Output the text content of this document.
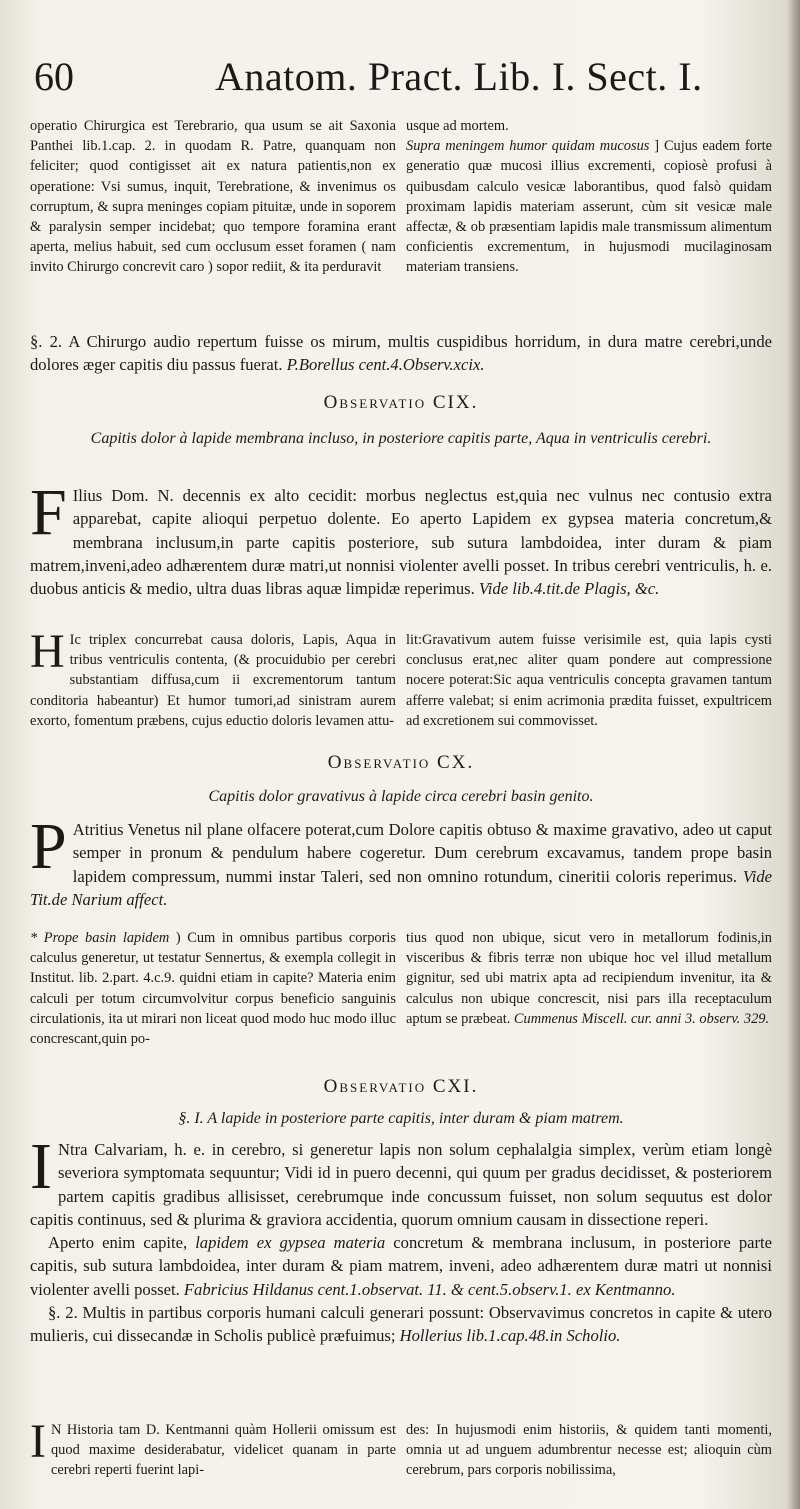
60	Anatom. Pract. Lib. I. Sect. I.

operatio Chirurgica est Terebrario, qua usum se ait Saxonia Panthei lib.1.cap. 2. in quodam R. Patre, quanquam non feliciter; quod contigisset ait ex natura patientis,non ex operatione: Vsi sumus, inquit, Terebratione, & invenimus os corruptum, & supra meninges copiam pituitæ, unde in soporem & paralysin semper incidebat; quo tempore foramina erant aperta, melius habuit, sed cum occlusum esset foramen ( nam invito Chirurgo concrevit caro ) sopor rediit, & ita perduravit

usque ad mortem.
Supra meningem humor quidam mucosus ] Cujus eadem forte generatio quæ mucosi illius excrementi, copiosè profusi à quibusdam calculo vesicæ laborantibus, quod falsò quidam proximam lapidis materiam asserunt, cùm sit vesicæ male affectæ, & ob præsentiam lapidis male transmissum alimentum conficientis excrementum, in hujusmodi mucilaginosam materiam transiens.

§. 2. A Chirurgo audio repertum fuisse os mirum, multis cuspidibus horridum, in dura matre cerebri,unde dolores æger capitis diu passus fuerat. P.Borellus cent.4.Observ.xcix.

Observatio CIX.
Capitis dolor à lapide membrana incluso, in posteriore capitis parte, Aqua in ventriculis cerebri.

F Ilius Dom. N. decennis ex alto cecidit: morbus neglectus est,quia nec vulnus nec contusio extra apparebat, capite alioqui perpetuo dolente. Eo aperto Lapidem ex gypsea materia concretum,& membrana inclusum,in parte capitis posteriore, sub sutura lambdoidea, inter duram & piam matrem,inveni,adeo adhærentem duræ matri,ut nonnisi violenter avelli posset. In tribus cerebri ventriculis, h. e. duobus anticis & medio, ultra duas libras aquæ limpidæ reperimus. Vide lib.4.tit.de Plagis, &c.

H Ic triplex concurrebat causa doloris, Lapis, Aqua in tribus ventriculis contenta, (& procuidubio per cerebri substantiam diffusa,cum ii excrementorum tantum conditoria habeantur) Et humor tumori,ad sinistram aurem exorto, fomentum præbens, cujus eductio doloris levamen attu-

lit:Gravativum autem fuisse verisimile est, quia lapis cysti conclusus erat,nec aliter quam pondere aut compressione nocere poterat:Sic aqua ventriculis concepta gravamen tantum afferre valebat; si enim acrimonia prædita fuisset, expultricem ad excretionem sui commovisset.

Observatio CX.
Capitis dolor gravativus à lapide circa cerebri basin genito.

P Atritius Venetus nil plane olfacere poterat,cum Dolore capitis obtuso & maxime gravativo, adeo ut caput semper in pronum & pendulum habere cogeretur. Dum cerebrum excavamus, tandem prope basin lapidem compressum, nummi instar Taleri, sed non omnino rotundum, cineritii coloris reperimus. Vide Tit.de Narium affect.

* Prope basin lapidem ) Cum in omnibus partibus corporis calculus generetur, ut testatur Sennertus, & exempla collegit in Institut. lib. 2.part. 4.c.9. quidni etiam in capite? Materia enim calculi per totum circumvolvitur corpus beneficio sanguinis circulationis, ita ut mirari non liceat quod modo huc modo illuc concrescant,quin po-

tius quod non ubique, sicut vero in metallorum fodinis,in visceribus & fibris terræ non ubique hoc vel illud metallum gignitur, sed ubi matrix apta ad recipiendum invenitur, ita & calculus non ubique concrescit, nisi pars illa receptaculum aptum se præbeat. Cummenus Miscell. cur. anni 3. observ. 329.

Observatio CXI.
§. I. A lapide in posteriore parte capitis, inter duram & piam matrem.

I Ntra Calvariam, h. e. in cerebro, si generetur lapis non solum cephalalgia simplex, verùm etiam longè severiora symptomata sequuntur; Vidi id in puero decenni, qui quum per gradus decidisset, & posteriorem partem capitis gradibus allisisset, cerebrumque inde concussum fuisset, non solum sequutus est dolor capitis continuus, sed & plurima & graviora accidentia, quorum omnium causam in dissectione reperi.

Aperto enim capite, lapidem ex gypsea materia concretum & membrana inclusum, in posteriore parte capitis, sub sutura lambdoidea, inter duram & piam matrem, inveni, adeo adhærentem duræ matri ut nonnisi violenter avelli posset. Fabricius Hildanus cent.1.observat. 11. & cent.5.observ.1. ex Kentmanno.

§. 2. Multis in partibus corporis humani calculi generari possunt: Observavimus concretos in capite & utero mulieris, cui dissecandæ in Scholis publicè præfuimus; Hollerius lib.1.cap.48.in Scholio.

I N Historia tam D. Kentmanni quàm Hollerii omissum est quod maxime desiderabatur, videlicet quanam in parte cerebri reperti fuerint lapi-

des: In hujusmodi enim historiis, & quidem tanti momenti, omnia ut ad unguem adumbrentur necesse est; alioquin cùm cerebrum, pars corporis nobilissima,
